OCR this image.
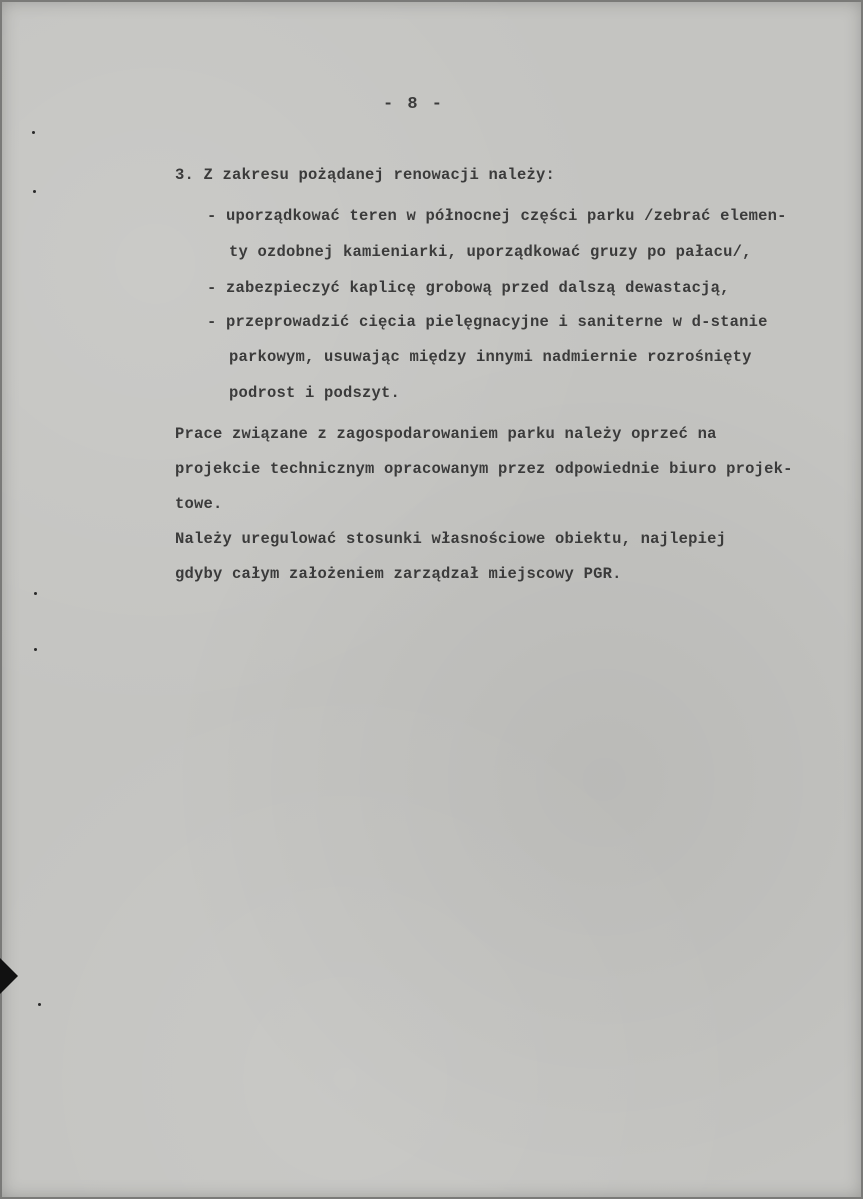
- 8 -
3. Z zakresu pożądanej renowacji należy:
- uporządkować teren w północnej części parku /zebrać elemen-
ty ozdobnej kamieniarki, uporządkować gruzy po pałacu/,
- zabezpieczyć kaplicę grobową przed dalszą dewastacją,
- przeprowadzić cięcia pielęgnacyjne i saniterne w d-stanie
parkowym, usuwając między innymi nadmiernie rozrośnięty
podrost i podszyt.
Prace związane z zagospodarowaniem parku należy oprzeć na
projekcie technicznym opracowanym przez odpowiednie biuro projek-
towe.
Należy uregulować stosunki własnościowe obiektu, najlepiej
gdyby całym założeniem zarządzał miejscowy PGR.
